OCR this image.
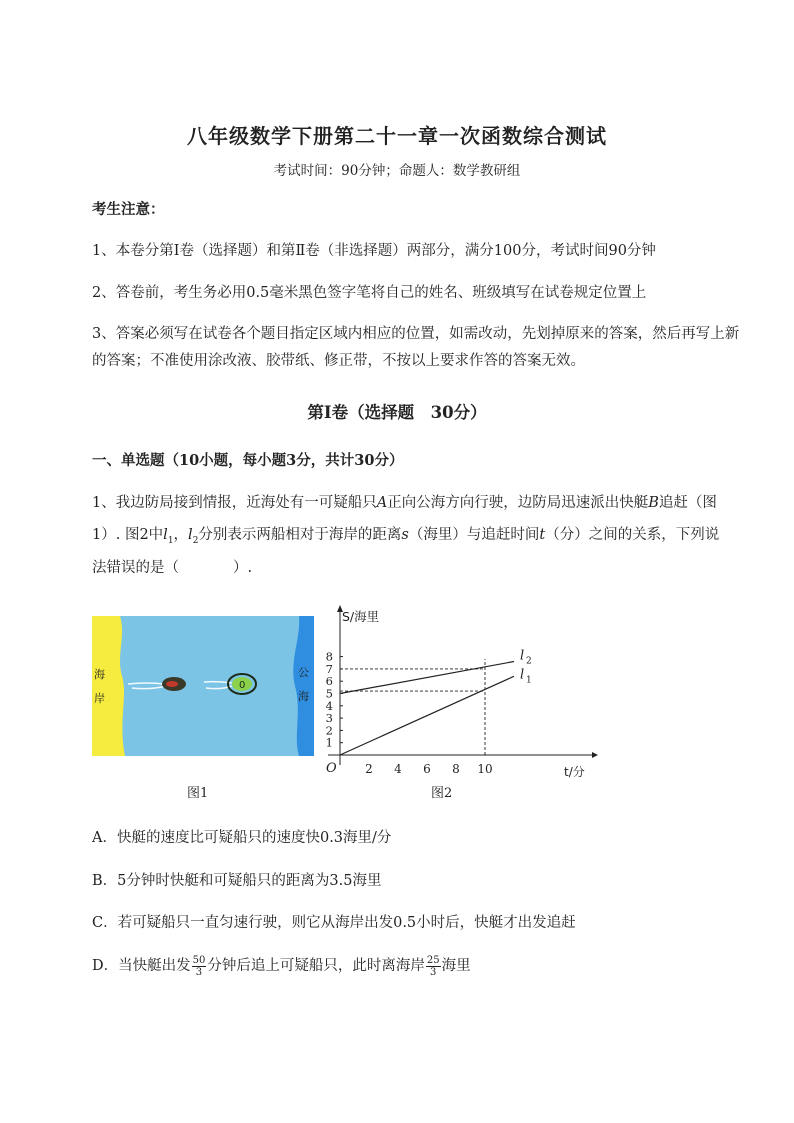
八年级数学下册第二十一章一次函数综合测试
考试时间：90分钟；命题人：数学教研组
考生注意：
1、本卷分第I卷（选择题）和第Ⅱ卷（非选择题）两部分，满分100分，考试时间90分钟
2、答卷前，考生务必用0.5毫米黑色签字笔将自己的姓名、班级填写在试卷规定位置上
3、答案必须写在试卷各个题目指定区域内相应的位置，如需改动，先划掉原来的答案，然后再写上新
的答案；不准使用涂改液、胶带纸、修正带，不按以上要求作答的答案无效。
第I卷（选择题　30分）
一、单选题（10小题，每小题3分，共计30分）
1、我边防局接到情报，近海处有一可疑船只A正向公海方向行驶，边防局迅速派出快艇B追赶（图
1）. 图2中$l_1$，$l_2$分别表示两船相对于海岸的距离s（海里）与追赶时间t（分）之间的关系，下列说
法错误的是（	）.
海
岸
公
海
0
图1
2 4 6 8 10
1
2
3
4
5
6
7
8	l 2
l 1
S/海里
t/分
O
图2
A．快艇的速度比可疑船只的速度快0.3海里/分
B．5分钟时快艇和可疑船只的距离为3.5海里
C．若可疑船只一直匀速行驶，则它从海岸出发0.5小时后，快艇才出发追赶
D．当快艇出发 $\frac{50}{3}$ 分钟后追上可疑船只，此时离海岸 $\frac{25}{3}$ 海里
